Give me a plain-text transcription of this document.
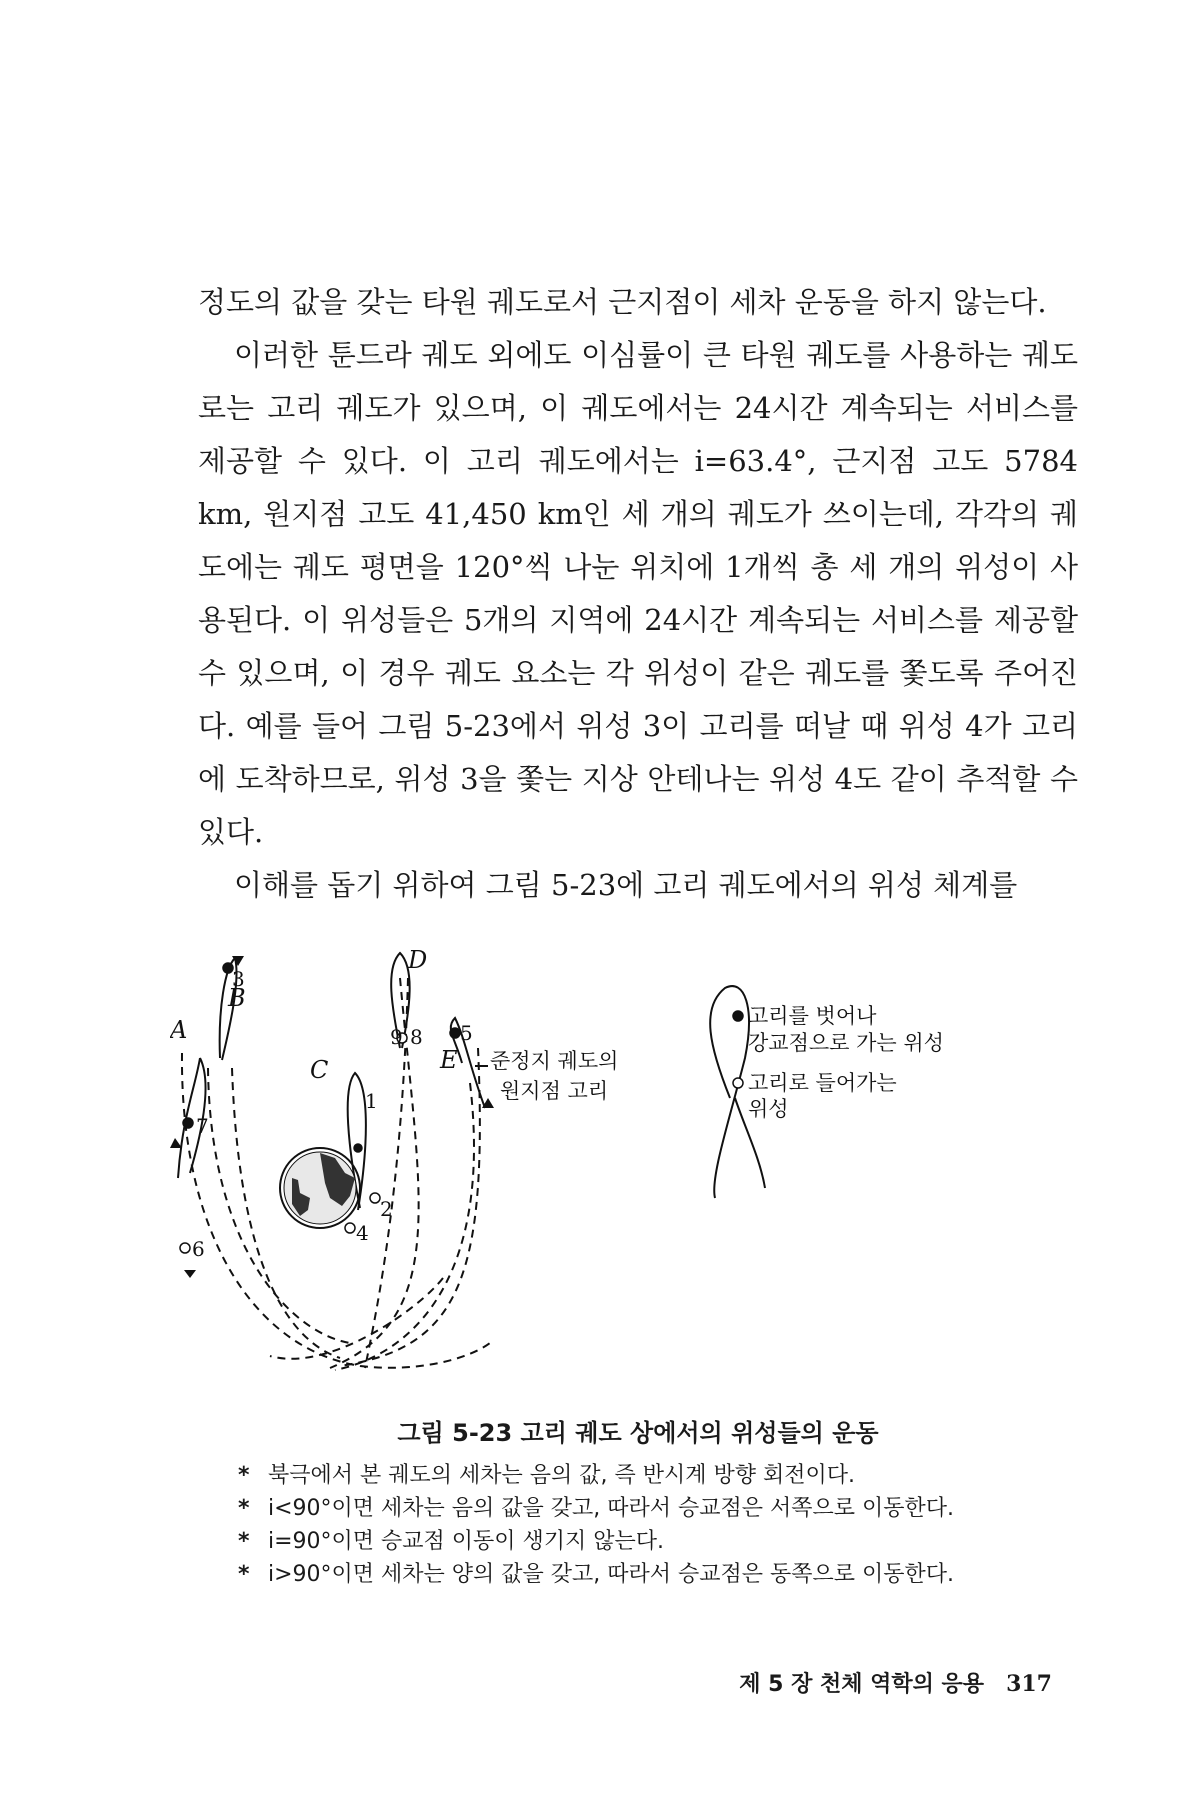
정도의 값을 갖는 타원 궤도로서 근지점이 세차 운동을 하지 않는다.

이러한 툰드라 궤도 외에도 이심률이 큰 타원 궤도를 사용하는 궤도로는 고리 궤도가 있으며, 이 궤도에서는 24시간 계속되는 서비스를 제공할 수 있다. 이 고리 궤도에서는 i=63.4°, 근지점 고도 5784 km, 원지점 고도 41,450 km인 세 개의 궤도가 쓰이는데, 각각의 궤도에는 궤도 평면을 120°씩 나눈 위치에 1개씩 총 세 개의 위성이 사용된다. 이 위성들은 5개의 지역에 24시간 계속되는 서비스를 제공할 수 있으며, 이 경우 궤도 요소는 각 위성이 같은 궤도를 쫓도록 주어진다. 예를 들어 그림 5-23에서 위성 3이 고리를 떠날 때 위성 4가 고리에 도착하므로, 위성 3을 쫓는 지상 안테나는 위성 4도 같이 추적할 수 있다.

이해를 돕기 위하여 그림 5-23에 고리 궤도에서의 위성 체계를

A
B
C
D
E
1
2
3
4
5
6
7
8
9
준정지 궤도의
원지점 고리
고리를 벗어나
강교점으로 가는 위성
고리로 들어가는
위성
그림 5-23 고리 궤도 상에서의 위성들의 운동
* 북극에서 본 궤도의 세차는 음의 값, 즉 반시계 방향 회전이다.
* i<90°이면 세차는 음의 값을 갖고, 따라서 승교점은 서쪽으로 이동한다.
* i=90°이면 승교점 이동이 생기지 않는다.
* i>90°이면 세차는 양의 값을 갖고, 따라서 승교점은 동쪽으로 이동한다.
제 5 장 천체 역학의 응용 317
